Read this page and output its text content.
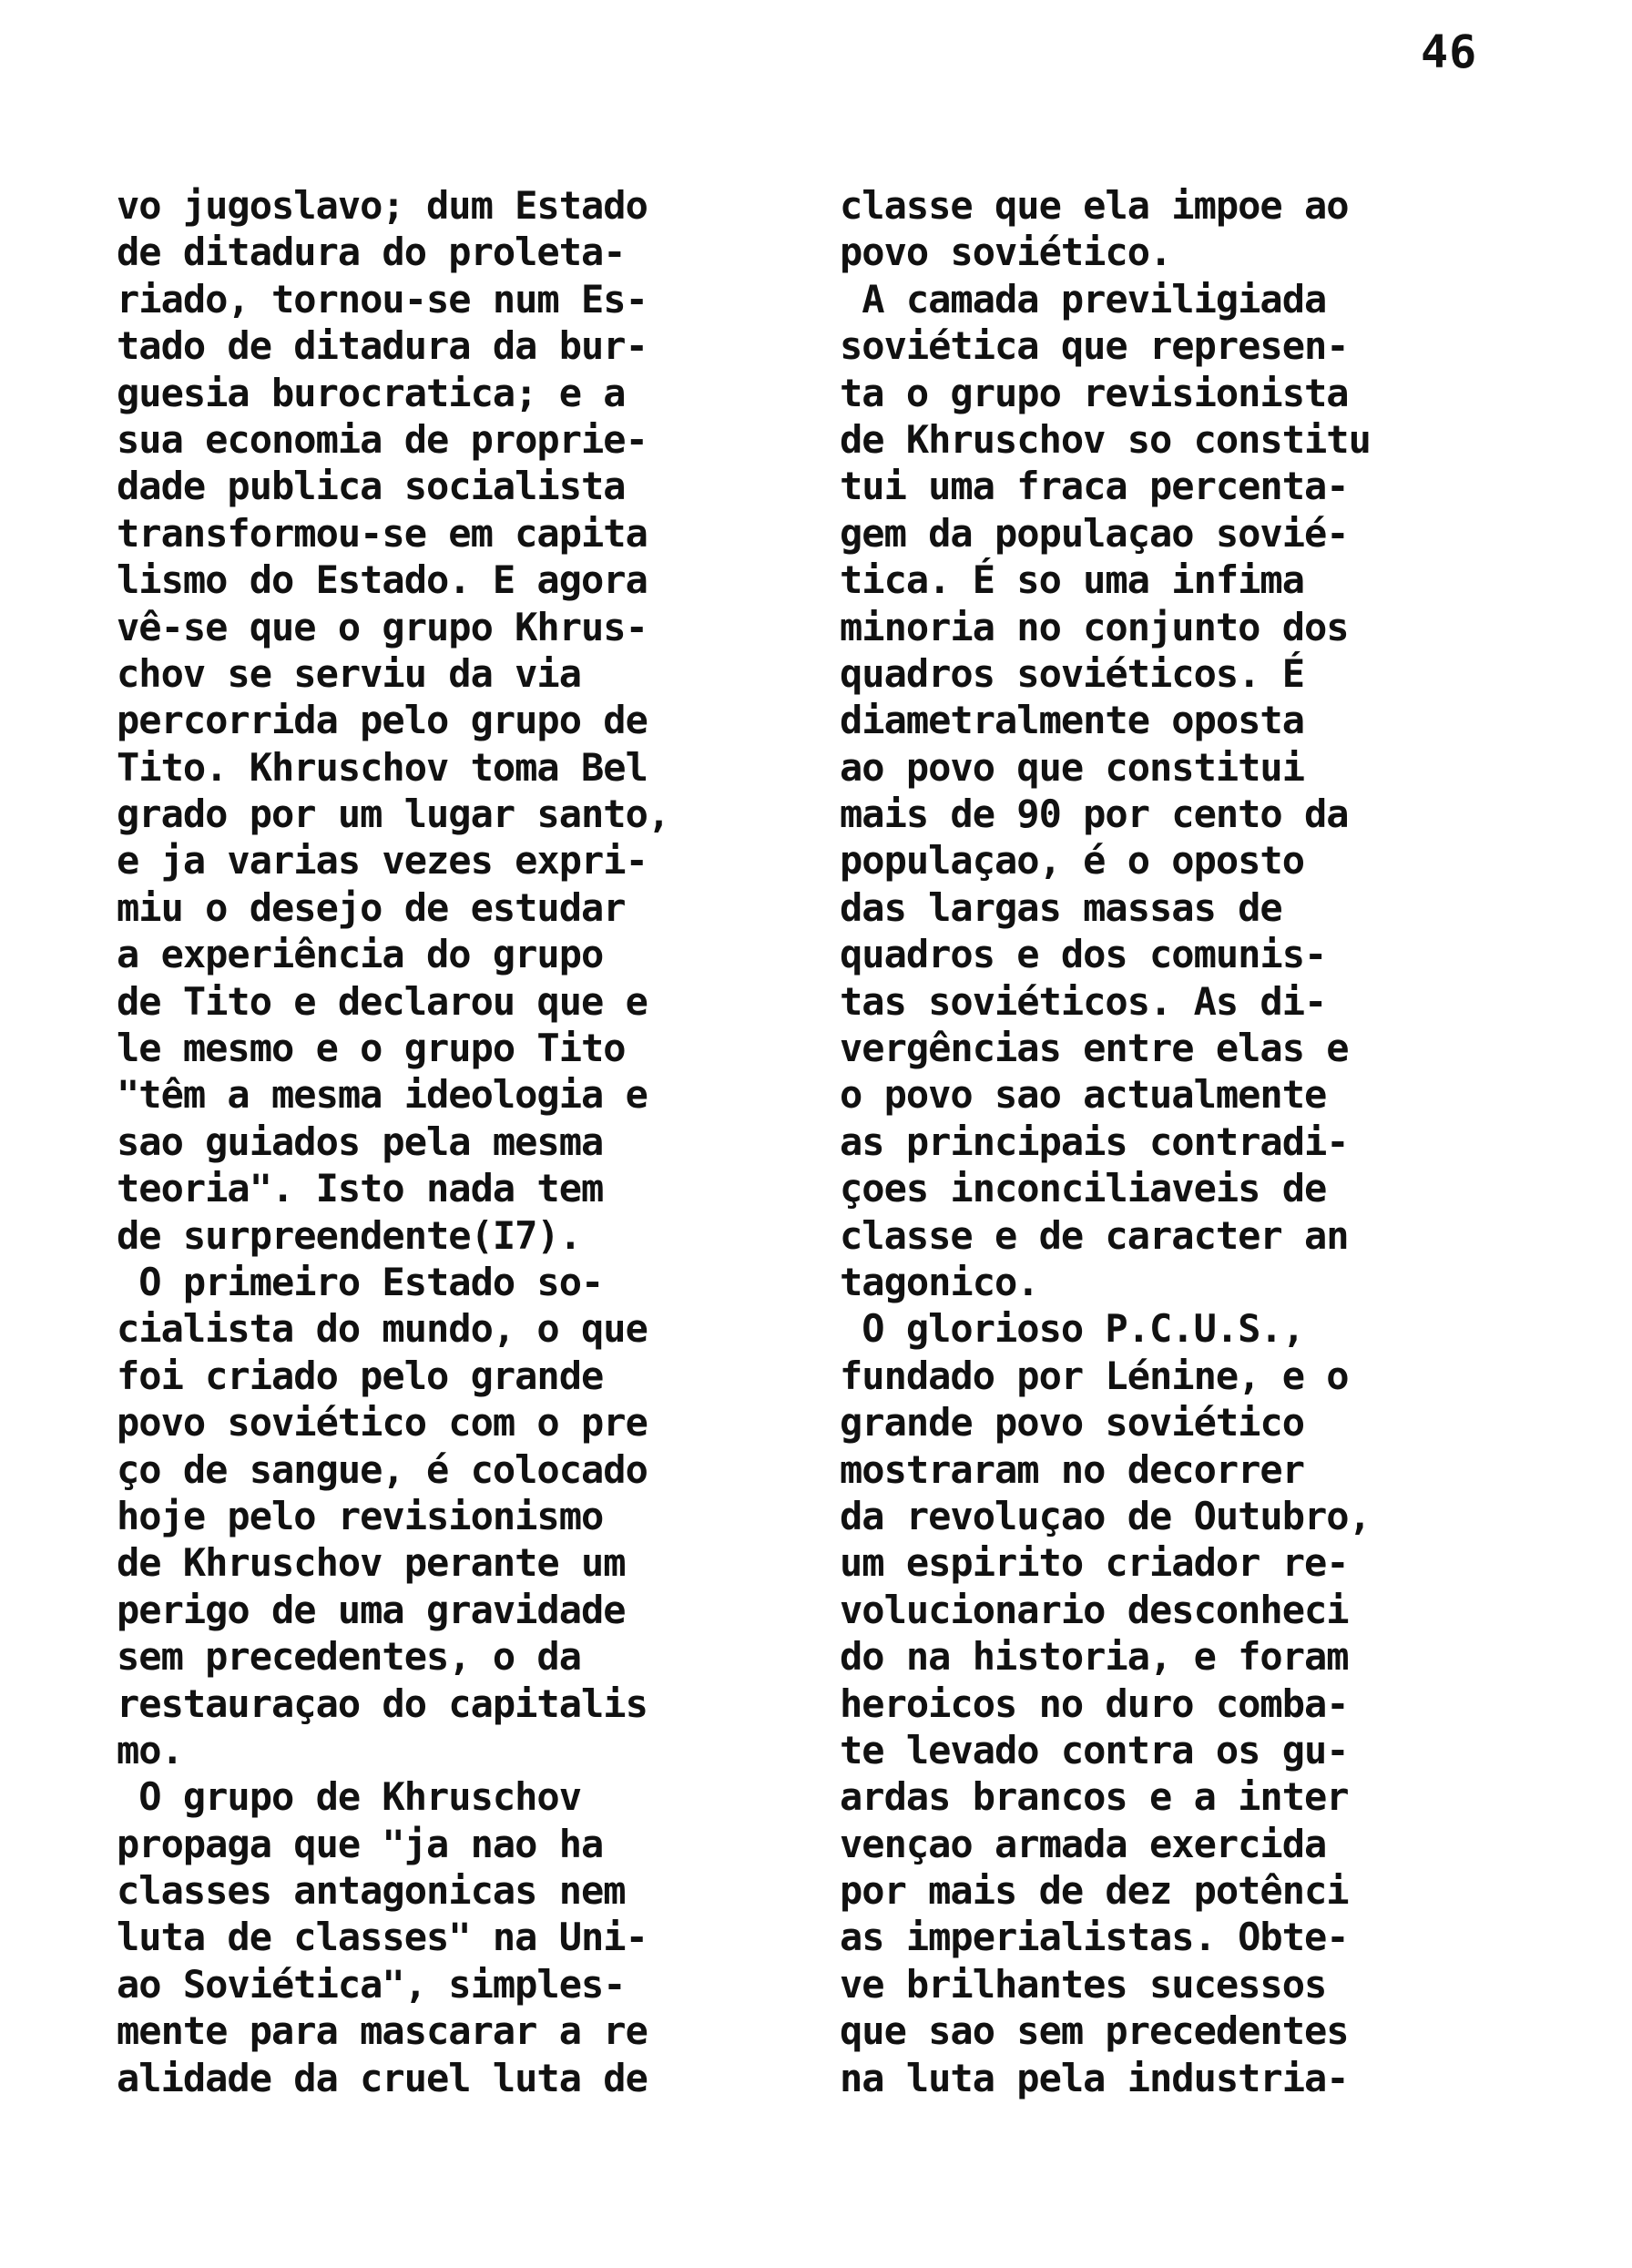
46
vo jugoslavo; dum Estado
de ditadura do proleta-
riado, tornou-se num Es-
tado de ditadura da bur-
guesia burocratica; e a
sua economia de proprie-
dade publica socialista
transformou-se em capita
lismo do Estado. E agora
vê-se que o grupo Khrus-
chov se serviu da via
percorrida pelo grupo de
Tito. Khruschov toma Bel
grado por um lugar santo,
e ja varias vezes expri-
miu o desejo de estudar
a experiência do grupo
de Tito e declarou que e
le mesmo e o grupo Tito
"têm a mesma ideologia e
sao guiados pela mesma
teoria". Isto nada tem
de surpreendente(I7).
O primeiro Estado so-
cialista do mundo, o que
foi criado pelo grande
povo soviético com o pre
ço de sangue, é colocado
hoje pelo revisionismo
de Khruschov perante um
perigo de uma gravidade
sem precedentes, o da
restauraçao do capitalis
mo.
O grupo de Khruschov
propaga que "ja nao ha
classes antagonicas nem
luta de classes" na Uni-
ao Soviética", simples-
mente para mascarar a re
alidade da cruel luta de
classe que ela impoe ao
povo soviético.
A camada previligiada
soviética que represen-
ta o grupo revisionista
de Khruschov so constitu
tui uma fraca percenta-
gem da populaçao sovié-
tica. É so uma infima
minoria no conjunto dos
quadros soviéticos. É
diametralmente oposta
ao povo que constitui
mais de 90 por cento da
populaçao, é o oposto
das largas massas de
quadros e dos comunis-
tas soviéticos. As di-
vergências entre elas e
o povo sao actualmente
as principais contradi-
çoes inconciliaveis de
classe e de caracter an
tagonico.
O glorioso P.C.U.S.,
fundado por Lénine, e o
grande povo soviético
mostraram no decorrer
da revoluçao de Outubro,
um espirito criador re-
volucionario desconheci
do na historia, e foram
heroicos no duro comba-
te levado contra os gu-
ardas brancos e a inter
vençao armada exercida
por mais de dez potênci
as imperialistas. Obte-
ve brilhantes sucessos
que sao sem precedentes
na luta pela industria-
